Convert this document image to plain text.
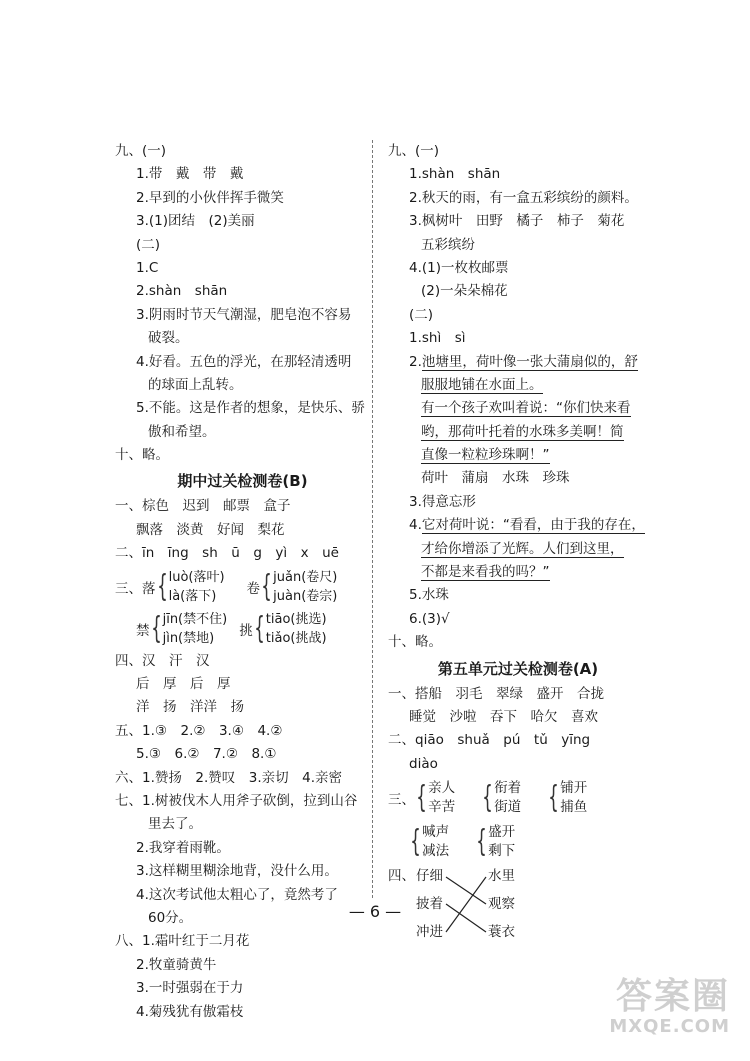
九、(一)
1.带　戴　带　戴
2.早到的小伙伴挥手微笑
3.(1)团结　(2)美丽
(二)
1.C
2.shàn　shān
3.阴雨时节天气潮湿，肥皂泡不容易
破裂。
4.好看。五色的浮光，在那轻清透明
的球面上乱转。
5.不能。这是作者的想象，是快乐、骄
傲和希望。
十、略。
期中过关检测卷(B)
一、棕色　迟到　邮票　盒子
飘落　淡黄　好闻　梨花
二、īn　īng　sh　ū　g　yì　x　uē
三、 落 { luò(落叶)
là(落下)	卷 { juǎn(卷尺)
juàn(卷宗)
禁 { jīn(禁不住)
jìn(禁地)	挑 { tiāo(挑选)
tiǎo(挑战)
四、汉　汗　汉
后　厚　后　厚
洋　扬　洋洋　扬
五、1.③　2.②　3.④　4.②
5.③　6.②　7.②　8.①
六、1.赞扬　2.赞叹　3.亲切　4.亲密
七、1.树被伐木人用斧子砍倒，拉到山谷
里去了。
2.我穿着雨靴。
3.这样糊里糊涂地背，没什么用。
4.这次考试他太粗心了，竟然考了
60分。
八、1.霜叶红于二月花
2.牧童骑黄牛
3.一时强弱在于力
4.菊残犹有傲霜枝
九、(一)
1.shàn　shān
2.秋天的雨，有一盒五彩缤纷的颜料。
3.枫树叶　田野　橘子　柿子　菊花
五彩缤纷
4.(1)一枚枚邮票
(2)一朵朵棉花
(二)
1.shì　sì
2.池塘里，荷叶像一张大蒲扇似的，舒
服服地铺在水面上。
有一个孩子欢叫着说：“你们快来看
哟，那荷叶托着的水珠多美啊！简
直像一粒粒珍珠啊！”
荷叶　蒲扇　水珠　珍珠
3.得意忘形
4.它对荷叶说：“看看，由于我的存在，
才给你增添了光辉。人们到这里，
不都是来看我的吗？”
5.水珠
6.(3)√
十、略。
第五单元过关检测卷(A)
一、搭船　羽毛　翠绿　盛开　合拢
睡觉　沙啦　吞下　哈欠　喜欢
二、qiāo　shuǎ　pú　tǔ　yīng
diào
三、 { 亲人
辛苦 { 衔着
街道 { 铺开
捕鱼
{ 喊声
减法 { 盛开
剩下
四、 仔细
披着
冲进
水里
观察
蓑衣
— 6 —
答案圈
MXQE.COM
